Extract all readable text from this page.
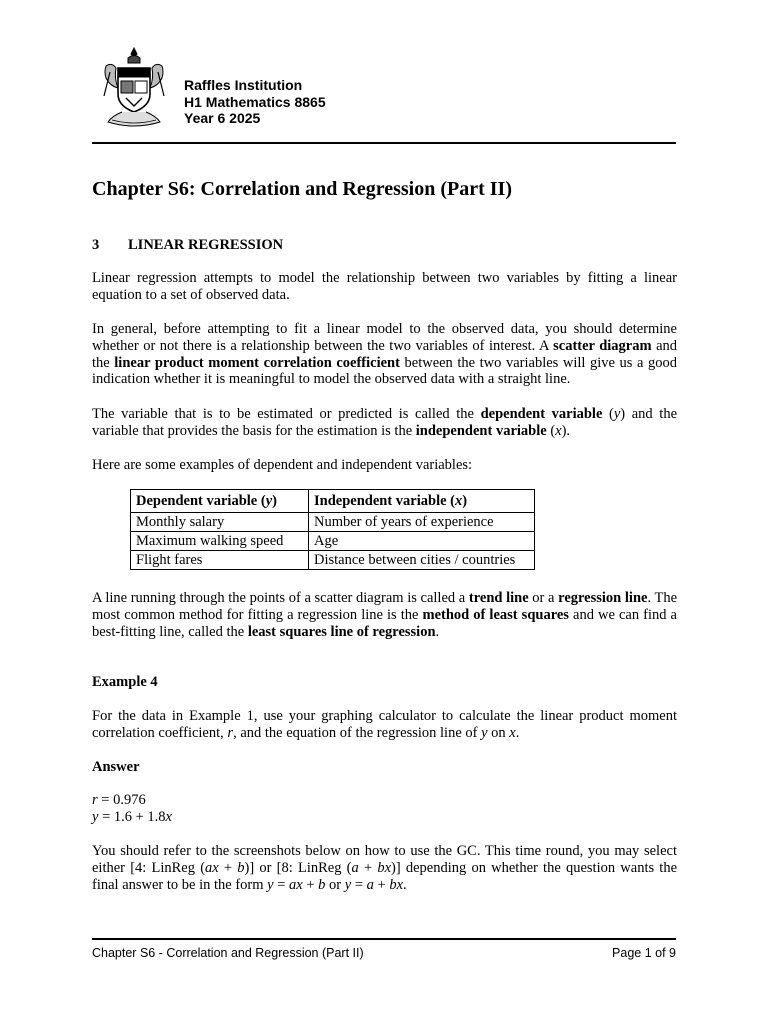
Raffles Institution
H1 Mathematics 8865
Year 6 2025
Chapter S6: Correlation and Regression (Part II)
3 LINEAR REGRESSION

Linear regression attempts to model the relationship between two variables by fitting a linear equation to a set of observed data.

In general, before attempting to fit a linear model to the observed data, you should determine whether or not there is a relationship between the two variables of interest. A scatter diagram and the linear product moment correlation coefficient between the two variables will give us a good indication whether it is meaningful to model the observed data with a straight line.

The variable that is to be estimated or predicted is called the dependent variable (y) and the variable that provides the basis for the estimation is the independent variable (x).

Here are some examples of dependent and independent variables:

Dependent variable (y)	Independent variable (x)
Monthly salary	Number of years of experience
Maximum walking speed	Age
Flight fares	Distance between cities / countries

A line running through the points of a scatter diagram is called a trend line or a regression line. The most common method for fitting a regression line is the method of least squares and we can find a best-fitting line, called the least squares line of regression.

Example 4

For the data in Example 1, use your graphing calculator to calculate the linear product moment correlation coefficient, r, and the equation of the regression line of y on x.

Answer

r = 0.976

y = 1.6 + 1.8x

You should refer to the screenshots below on how to use the GC. This time round, you may select either [4: LinReg (ax + b)] or [8: LinReg (a + bx)] depending on whether the question wants the final answer to be in the form y = ax + b or y = a + bx.

Chapter S6 - Correlation and Regression (Part II)	Page 1 of 9
